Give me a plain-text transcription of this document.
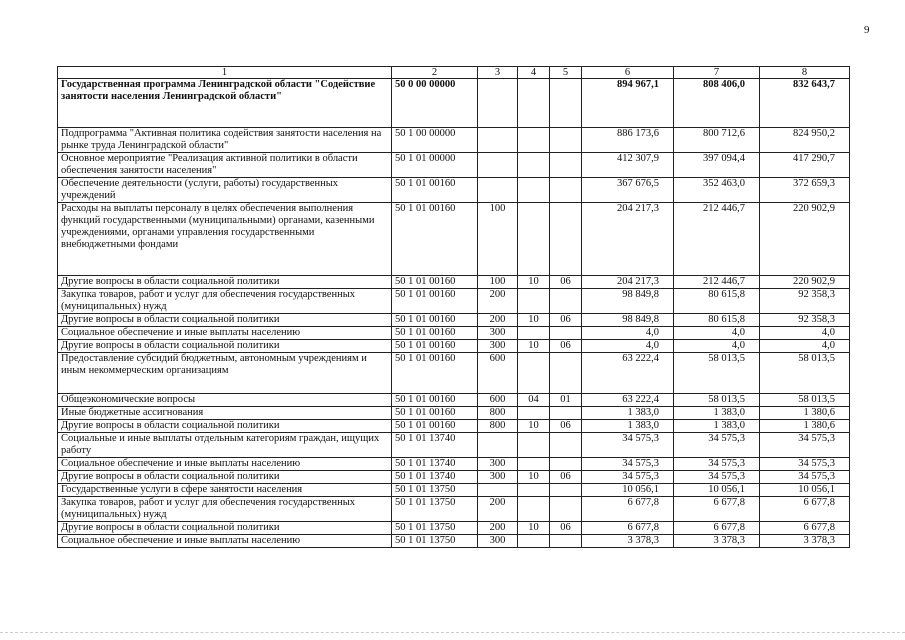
9
1	2	3	4	5	6	7	8
Государственная программа Ленинградской области "Содействие занятости населения Ленинградской области"	50 0 00 00000				894 967,1	808 406,0	832 643,7
Подпрограмма "Активная политика содействия занятости населения на рынке труда Ленинградской области"	50 1 00 00000				886 173,6	800 712,6	824 950,2
Основное мероприятие "Реализация активной политики в области обеспечения занятости населения"	50 1 01 00000				412 307,9	397 094,4	417 290,7
Обеспечение деятельности (услуги, работы) государственных учреждений	50 1 01 00160				367 676,5	352 463,0	372 659,3
Расходы на выплаты персоналу в целях обеспечения выполнения функций государственными (муниципальными) органами, казенными учреждениями, органами управления государственными внебюджетными фондами	50 1 01 00160	100			204 217,3	212 446,7	220 902,9
Другие вопросы в области социальной политики	50 1 01 00160	100	10	06	204 217,3	212 446,7	220 902,9
Закупка товаров, работ и услуг для обеспечения государственных (муниципальных) нужд	50 1 01 00160	200			98 849,8	80 615,8	92 358,3
Другие вопросы в области социальной политики	50 1 01 00160	200	10	06	98 849,8	80 615,8	92 358,3
Социальное обеспечение и иные выплаты населению	50 1 01 00160	300			4,0	4,0	4,0
Другие вопросы в области социальной политики	50 1 01 00160	300	10	06	4,0	4,0	4,0
Предоставление субсидий бюджетным, автономным учреждениям и иным некоммерческим организациям	50 1 01 00160	600			63 222,4	58 013,5	58 013,5
Общеэкономические вопросы	50 1 01 00160	600	04	01	63 222,4	58 013,5	58 013,5
Иные бюджетные ассигнования	50 1 01 00160	800			1 383,0	1 383,0	1 380,6
Другие вопросы в области социальной политики	50 1 01 00160	800	10	06	1 383,0	1 383,0	1 380,6
Социальные и иные выплаты отдельным категориям граждан, ищущих работу	50 1 01 13740				34 575,3	34 575,3	34 575,3
Социальное обеспечение и иные выплаты населению	50 1 01 13740	300			34 575,3	34 575,3	34 575,3
Другие вопросы в области социальной политики	50 1 01 13740	300	10	06	34 575,3	34 575,3	34 575,3
Государственные услуги в сфере занятости населения	50 1 01 13750				10 056,1	10 056,1	10 056,1
Закупка товаров, работ и услуг для обеспечения государственных (муниципальных) нужд	50 1 01 13750	200			6 677,8	6 677,8	6 677,8
Другие вопросы в области социальной политики	50 1 01 13750	200	10	06	6 677,8	6 677,8	6 677,8
Социальное обеспечение и иные выплаты населению	50 1 01 13750	300			3 378,3	3 378,3	3 378,3
